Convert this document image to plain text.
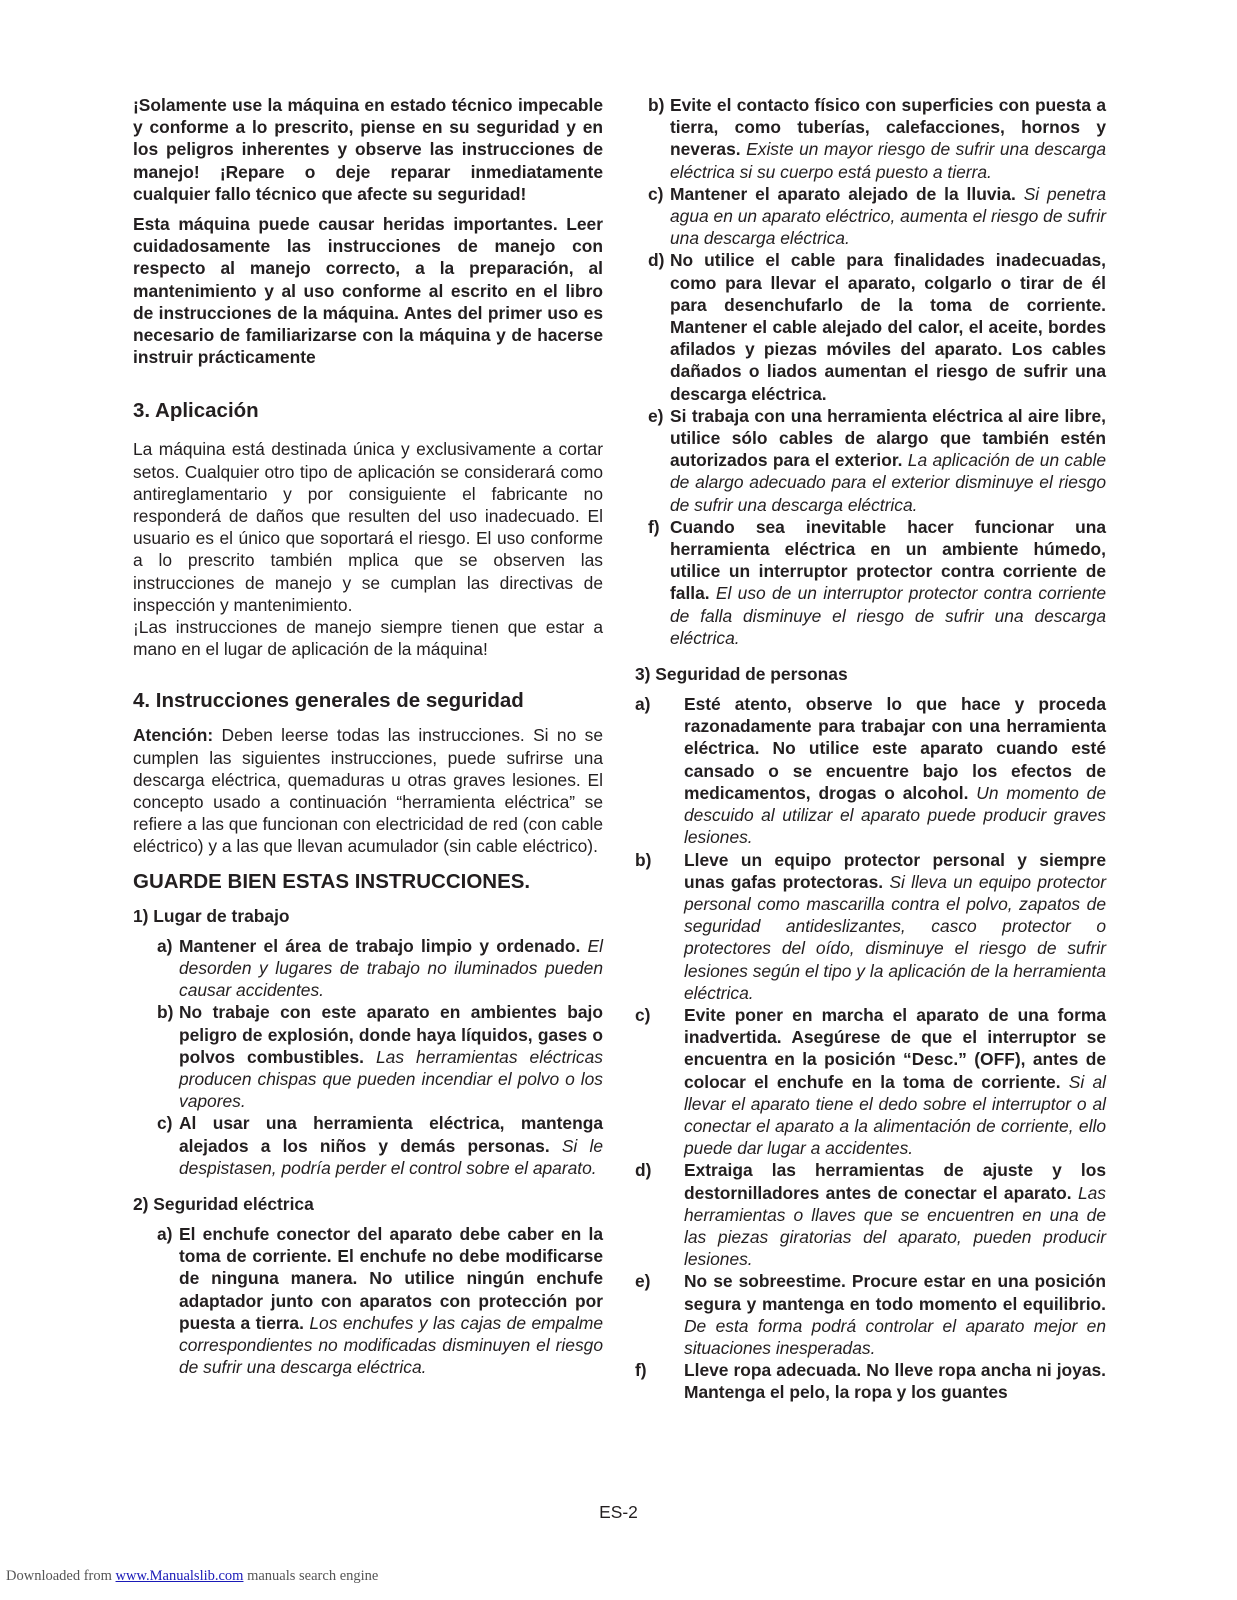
¡Solamente use la máquina en estado técnico impecable y conforme a lo prescrito, piense en su seguridad y en los peligros inherentes y observe las instrucciones de manejo! ¡Repare o deje reparar inmediatamente cualquier fallo técnico que afecte su seguridad!

Esta máquina puede causar heridas importantes. Leer cuidadosamente las instrucciones de manejo con respecto al manejo correcto, a la preparación, al mantenimiento y al uso conforme al escrito en el libro de instrucciones de la máquina. Antes del primer uso es necesario de familiarizarse con la máquina y de hacerse instruir prácticamente

3. Aplicación

La máquina está destinada única y exclusivamente a cortar setos. Cualquier otro tipo de aplicación se considerará como antireglamentario y por consiguiente el fabricante no responderá de daños que resulten del uso inadecuado. El usuario es el único que soportará el riesgo. El uso conforme a lo prescrito también mplica que se observen las instrucciones de manejo y se cumplan las directivas de inspección y mantenimiento.

¡Las instrucciones de manejo siempre tienen que estar a mano en el lugar de aplicación de la máquina!

4. Instrucciones generales de seguridad

Atención: Deben leerse todas las instrucciones. Si no se cumplen las siguientes instrucciones, puede sufrirse una descarga eléctrica, quemaduras u otras graves lesiones. El concepto usado a continuación “herramienta eléctrica” se refiere a las que funcionan con electricidad de red (con cable eléctrico) y a las que llevan acumulador (sin cable eléctrico).

GUARDE BIEN ESTAS INSTRUCCIONES.
1) Lugar de trabajo
a) Mantener el área de trabajo limpio y ordenado. El desorden y lugares de trabajo no iluminados pueden causar accidentes.
b) No trabaje con este aparato en ambientes bajo peligro de explosión, donde haya líquidos, gases o polvos combustibles. Las herramientas eléctricas producen chispas que pueden incendiar el polvo o los vapores.
c) Al usar una herramienta eléctrica, mantenga alejados a los niños y demás personas. Si le despistasen, podría perder el control sobre el aparato.
2) Seguridad eléctrica
a) El enchufe conector del aparato debe caber en la toma de corriente. El enchufe no debe modificarse de ninguna manera. No utilice ningún enchufe adaptador junto con aparatos con protección por puesta a tierra. Los enchufes y las cajas de empalme correspondientes no modificadas disminuyen el riesgo de sufrir una descarga eléctrica.
b) Evite el contacto físico con superficies con puesta a tierra, como tuberías, calefacciones, hornos y neveras. Existe un mayor riesgo de sufrir una descarga eléctrica si su cuerpo está puesto a tierra.
c) Mantener el aparato alejado de la lluvia. Si penetra agua en un aparato eléctrico, aumenta el riesgo de sufrir una descarga eléctrica.
d) No utilice el cable para finalidades inadecuadas, como para llevar el aparato, colgarlo o tirar de él para desenchufarlo de la toma de corriente. Mantener el cable alejado del calor, el aceite, bordes afilados y piezas móviles del aparato. Los cables dañados o liados aumentan el riesgo de sufrir una descarga eléctrica.
e) Si trabaja con una herramienta eléctrica al aire libre, utilice sólo cables de alargo que también estén autorizados para el exterior. La aplicación de un cable de alargo adecuado para el exterior disminuye el riesgo de sufrir una descarga eléctrica.
f) Cuando sea inevitable hacer funcionar una herramienta eléctrica en un ambiente húmedo, utilice un interruptor protector contra corriente de falla. El uso de un interruptor protector contra corriente de falla disminuye el riesgo de sufrir una descarga eléctrica.
3) Seguridad de personas
a)	Esté atento, observe lo que hace y proceda razonadamente para trabajar con una herramienta eléctrica. No utilice este aparato cuando esté cansado o se encuentre bajo los efectos de medicamentos, drogas o alcohol. Un momento de descuido al utilizar el aparato puede producir graves lesiones.
b)	Lleve un equipo protector personal y siempre unas gafas protectoras. Si lleva un equipo protector personal como mascarilla contra el polvo, zapatos de seguridad antideslizantes, casco protector o protectores del oído, disminuye el riesgo de sufrir lesiones según el tipo y la aplicación de la herramienta eléctrica.
c)	Evite poner en marcha el aparato de una forma inadvertida. Asegúrese de que el interruptor se encuentra en la posición “Desc.” (OFF), antes de colocar el enchufe en la toma de corriente. Si al llevar el aparato tiene el dedo sobre el interruptor o al conectar el aparato a la alimentación de corriente, ello puede dar lugar a accidentes.
d)	Extraiga las herramientas de ajuste y los destornilladores antes de conectar el aparato. Las herramientas o llaves que se encuentren en una de las piezas giratorias del aparato, pueden producir lesiones.
e)	No se sobreestime. Procure estar en una posición segura y mantenga en todo momento el equilibrio. De esta forma podrá controlar el aparato mejor en situaciones inesperadas.
f)	Lleve ropa adecuada. No lleve ropa ancha ni joyas. Mantenga el pelo, la ropa y los guantes
ES-2
Downloaded from www.Manualslib.com manuals search engine
